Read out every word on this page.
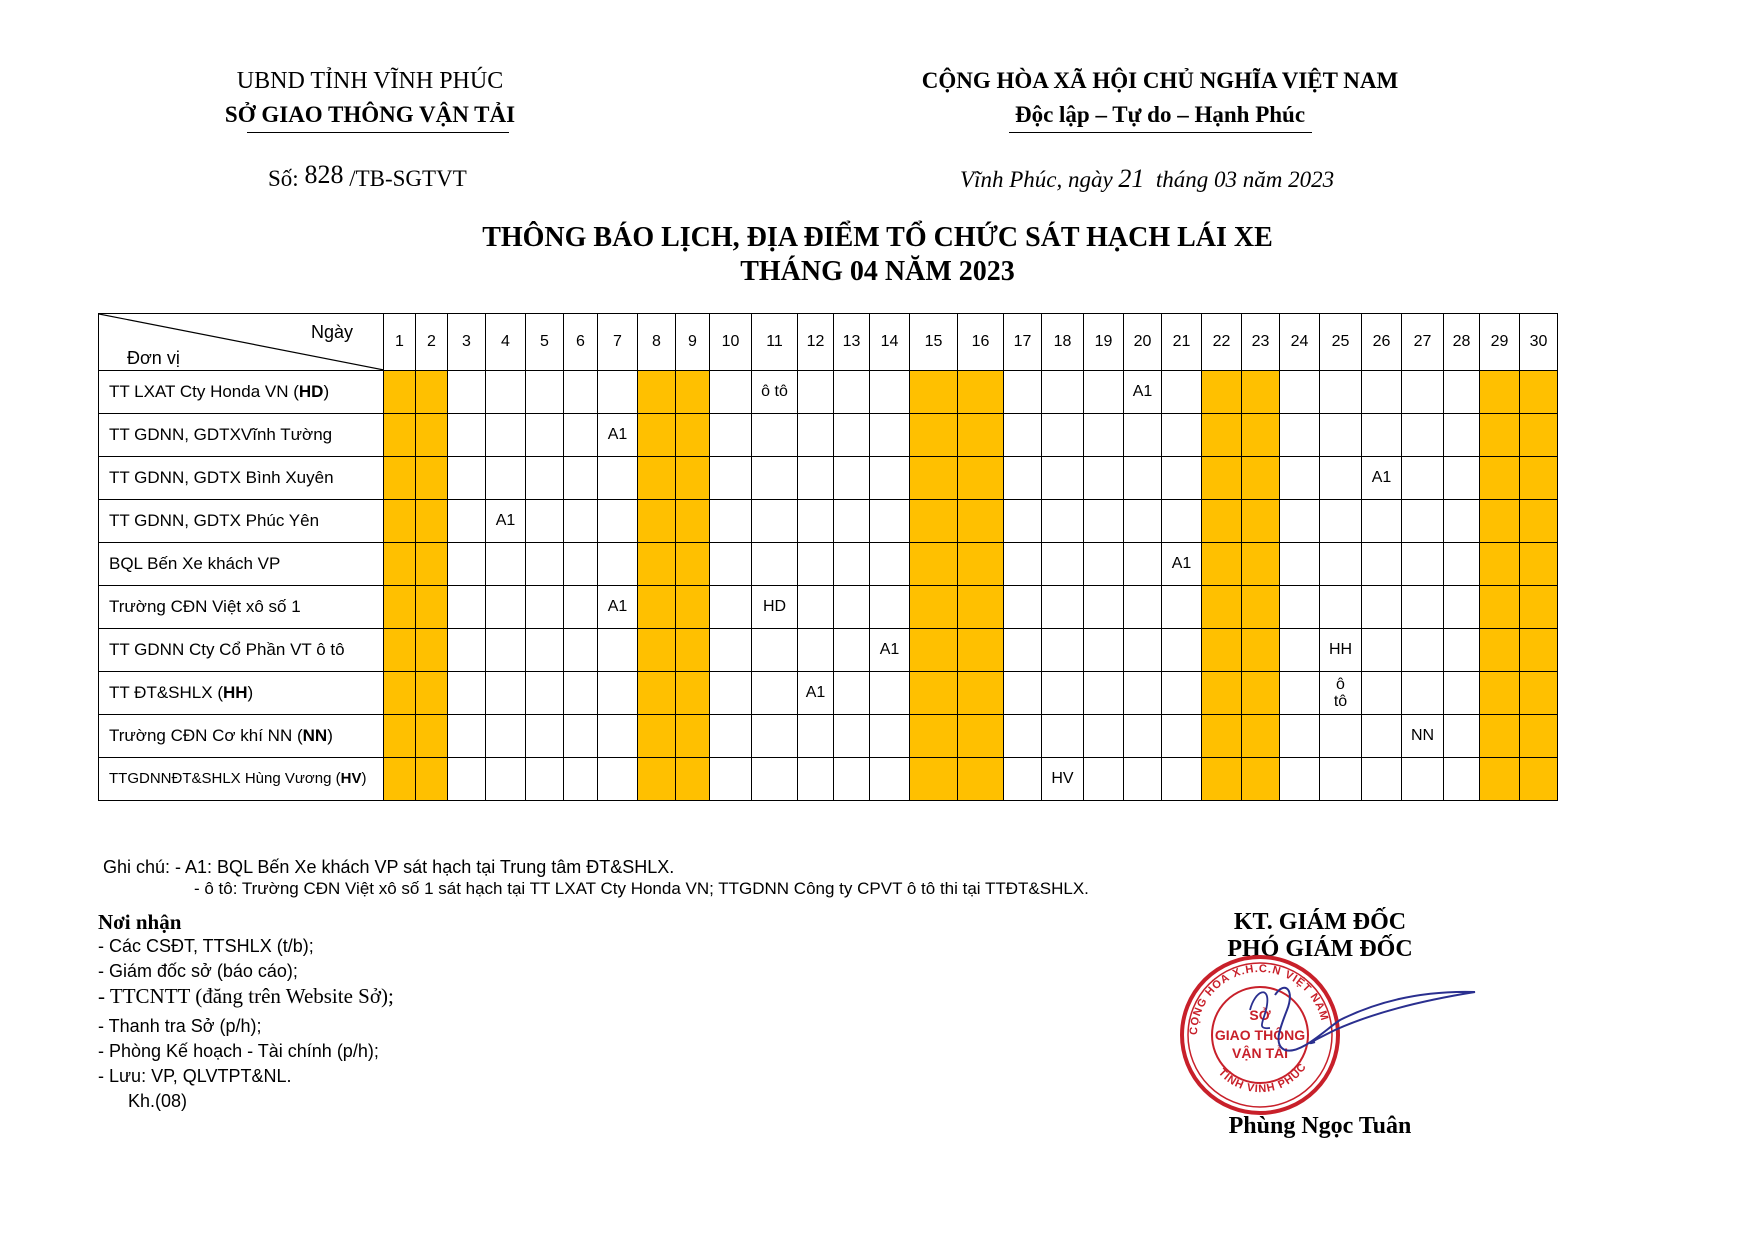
UBND TỈNH VĨNH PHÚC
SỞ GIAO THÔNG VẬN TẢI
CỘNG HÒA XÃ HỘI CHỦ NGHĨA VIỆT NAM
Độc lập – Tự do – Hạnh Phúc
Số: 828 /TB-SGTVT	Vĩnh Phúc, ngày 21  tháng 03 năm 2023
THÔNG BÁO LỊCH, ĐỊA ĐIỂM TỔ CHỨC SÁT HẠCH LÁI XE
THÁNG 04 NĂM 2023
Ngày
Đơn vị	1	2	3	4	5	6	7	8	9	10	11	12	13	14	15	16	17	18	19	20	21	22	23	24	25	26	27	28	29	30
TT LXAT Cty Honda VN (HD)											ô tô									A1										
TT GDNN, GDTXVĩnh Tường							A1																							
TT GDNN, GDTX Bình Xuyên																										A1				
TT GDNN, GDTX Phúc Yên				A1																										
BQL Bến Xe khách VP																					A1									
Trường CĐN Việt xô số 1							A1				HD																			
TT GDNN Cty Cổ Phần VT ô tô														A1											HH					
TT ĐT&SHLX (HH)												A1													ô tô					
Trường CĐN Cơ khí NN (NN)																											NN			
TTGDNNĐT&SHLX Hùng Vương (HV)																		HV												
Ghi chú: - A1: BQL Bến Xe khách VP sát hạch tại Trung tâm ĐT&SHLX.
- ô tô: Trường CĐN Việt xô số 1 sát hạch tại TT LXAT Cty Honda VN; TTGDNN Công ty CPVT ô tô thi tại TTĐT&SHLX.
Nơi nhận
- Các CSĐT, TTSHLX (t/b);
- Giám đốc sở (báo cáo);
- TTCNTT (đăng trên Website Sở);
- Thanh tra Sở (p/h);
- Phòng Kế hoạch - Tài chính (p/h);
- Lưu: VP, QLVTPT&NL.
Kh.(08)
KT. GIÁM ĐỐC
PHÓ GIÁM ĐỐC
CỘNG HÒA X.H.C.N VIỆT NAM
TỈNH VĨNH PHÚC
SỞ
GIAO THÔNG
VẬN TẢI
Phùng Ngọc Tuân
